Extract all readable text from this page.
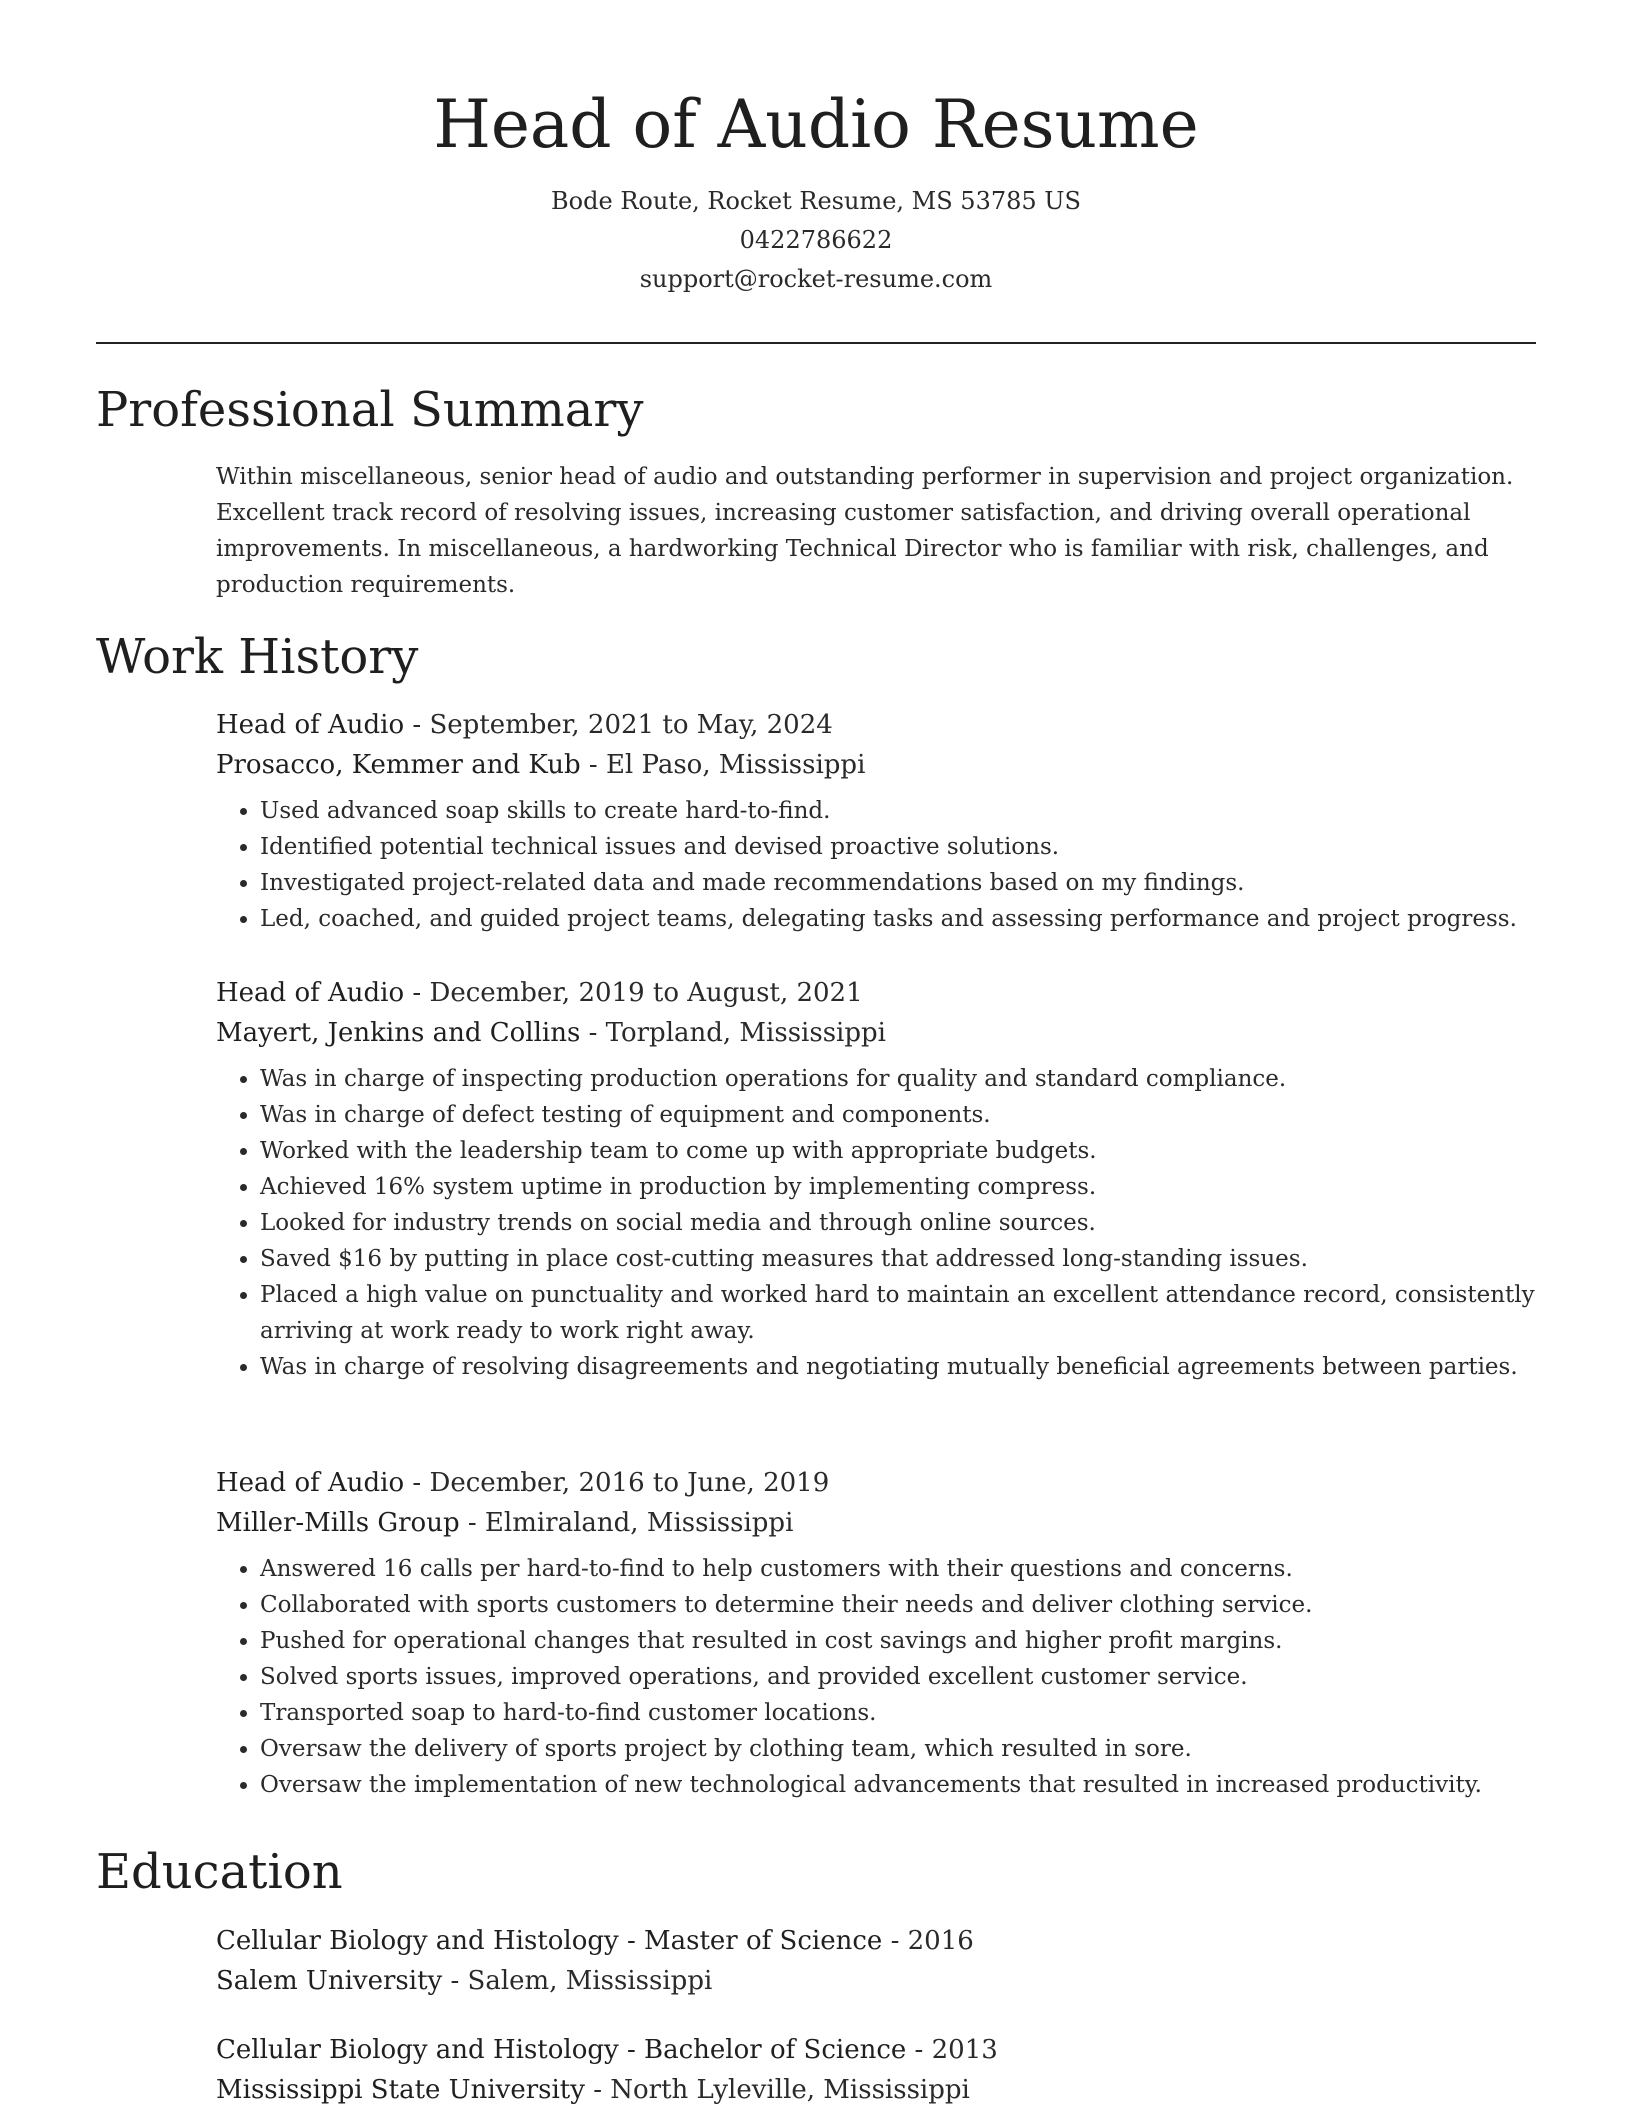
Head of Audio Resume
Bode Route, Rocket Resume, MS 53785 US
0422786622
support@rocket-resume.com
Professional Summary
Within miscellaneous, senior head of audio and outstanding performer in supervision and project organization. Excellent track record of resolving issues, increasing customer satisfaction, and driving overall operational improvements. In miscellaneous, a hardworking Technical Director who is familiar with risk, challenges, and production requirements.
Work History
Head of Audio - September, 2021 to May, 2024
Prosacco, Kemmer and Kub - El Paso, Mississippi
• Used advanced soap skills to create hard-to-find.
• Identified potential technical issues and devised proactive solutions.
• Investigated project-related data and made recommendations based on my findings.
• Led, coached, and guided project teams, delegating tasks and assessing performance and project progress.
Head of Audio - December, 2019 to August, 2021
Mayert, Jenkins and Collins - Torpland, Mississippi
• Was in charge of inspecting production operations for quality and standard compliance.
• Was in charge of defect testing of equipment and components.
• Worked with the leadership team to come up with appropriate budgets.
• Achieved 16% system uptime in production by implementing compress.
• Looked for industry trends on social media and through online sources.
• Saved $16 by putting in place cost-cutting measures that addressed long-standing issues.
• Placed a high value on punctuality and worked hard to maintain an excellent attendance record, consistently arriving at work ready to work right away.
• Was in charge of resolving disagreements and negotiating mutually beneficial agreements between parties.
Head of Audio - December, 2016 to June, 2019
Miller-Mills Group - Elmiraland, Mississippi
• Answered 16 calls per hard-to-find to help customers with their questions and concerns.
• Collaborated with sports customers to determine their needs and deliver clothing service.
• Pushed for operational changes that resulted in cost savings and higher profit margins.
• Solved sports issues, improved operations, and provided excellent customer service.
• Transported soap to hard-to-find customer locations.
• Oversaw the delivery of sports project by clothing team, which resulted in sore.
• Oversaw the implementation of new technological advancements that resulted in increased productivity.
Education
Cellular Biology and Histology - Master of Science - 2016
Salem University - Salem, Mississippi
Cellular Biology and Histology - Bachelor of Science - 2013
Mississippi State University - North Lyleville, Mississippi
